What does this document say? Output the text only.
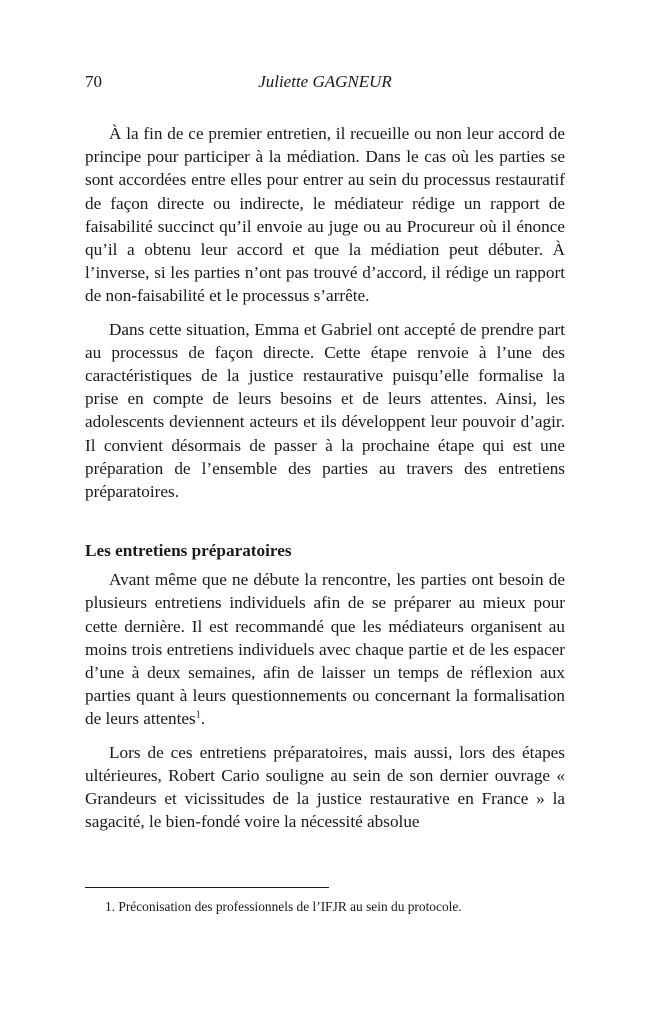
70	Juliette GAGNEUR

À la fin de ce premier entretien, il recueille ou non leur accord de principe pour participer à la médiation. Dans le cas où les parties se sont accordées entre elles pour entrer au sein du processus restauratif de façon directe ou indirecte, le médiateur rédige un rapport de faisabilité succinct qu’il envoie au juge ou au Procureur où il énonce qu’il a obtenu leur accord et que la médiation peut débuter. À l’inverse, si les parties n’ont pas trouvé d’accord, il rédige un rapport de non-faisabilité et le processus s’arrête.

Dans cette situation, Emma et Gabriel ont accepté de prendre part au processus de façon directe. Cette étape renvoie à l’une des caractéristiques de la justice restaurative puisqu’elle formalise la prise en compte de leurs besoins et de leurs attentes. Ainsi, les adolescents deviennent acteurs et ils développent leur pouvoir d’agir. Il convient désormais de passer à la prochaine étape qui est une préparation de l’ensemble des parties au travers des entretiens préparatoires.

Les entretiens préparatoires

Avant même que ne débute la rencontre, les parties ont besoin de plusieurs entretiens individuels afin de se préparer au mieux pour cette dernière. Il est recommandé que les médiateurs organisent au moins trois entretiens individuels avec chaque partie et de les espacer d’une à deux semaines, afin de laisser un temps de réflexion aux parties quant à leurs questionnements ou concernant la formalisation de leurs attentes$^1$.

Lors de ces entretiens préparatoires, mais aussi, lors des étapes ultérieures, Robert Cario souligne au sein de son dernier ouvrage « Grandeurs et vicissitudes de la justice restaurative en France » la sagacité, le bien-fondé voire la nécessité absolue

1. Préconisation des professionnels de l’IFJR au sein du protocole.
